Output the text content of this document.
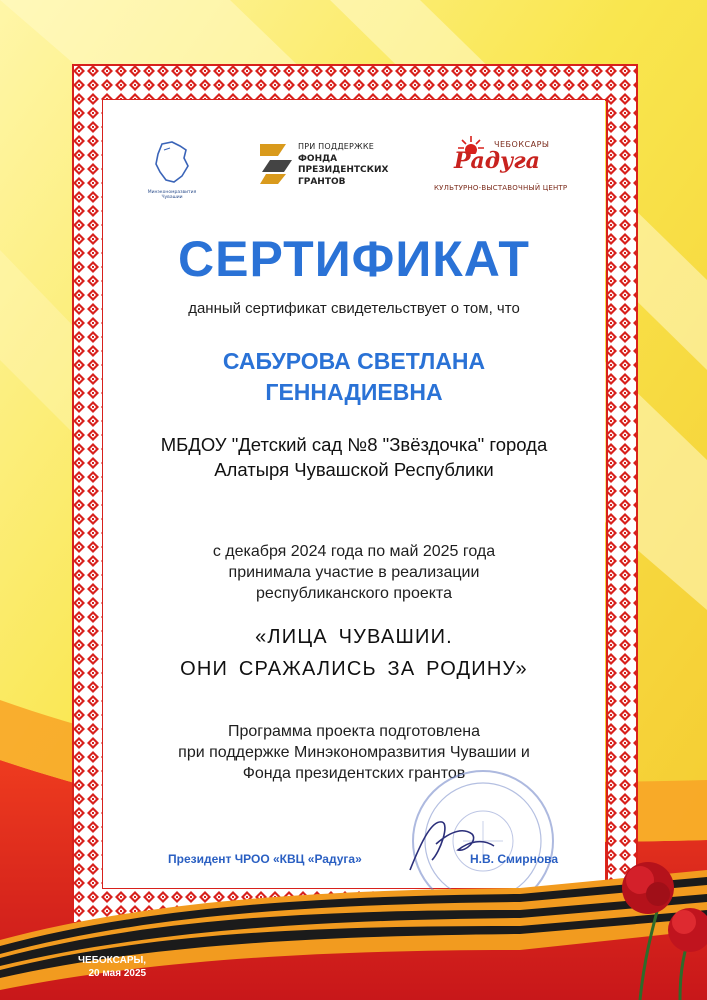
Минэкономразвития Чувашии
ПРИ ПОДДЕРЖКЕ
ФОНДА
ПРЕЗИДЕНТСКИХ
ГРАНТОВ
ЧЕБОКСАРЫ
Радуга
КУЛЬТУРНО-ВЫСТАВОЧНЫЙ ЦЕНТР
СЕРТИФИКАТ
данный сертификат свидетельствует о том, что
САБУРОВА СВЕТЛАНА
ГЕННАДИЕВНА
МБДОУ "Детский сад №8 "Звёздочка" города
Алатыря Чувашской Республики
с декабря 2024 года по май 2025 года
принимала участие в реализации
республиканского проекта
«ЛИЦА ЧУВАШИИ.
ОНИ СРАЖАЛИСЬ ЗА РОДИНУ»
Программа проекта подготовлена
при поддержке Минэкономразвития Чувашии и
Фонда президентских грантов
Президент ЧРОО «КВЦ «Радуга»	Н.В. Смирнова
ЧЕБОКСАРЫ,
20 мая 2025
